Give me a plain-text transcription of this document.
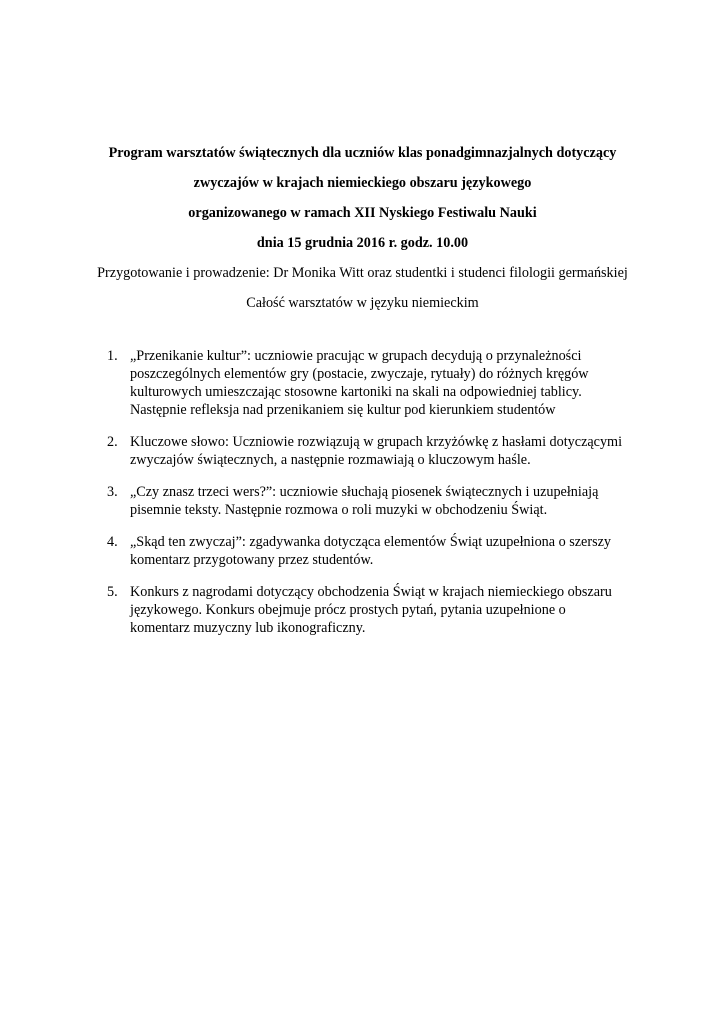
Program warsztatów świątecznych dla uczniów klas ponadgimnazjalnych dotyczący

zwyczajów w krajach niemieckiego obszaru językowego

organizowanego w ramach XII Nyskiego Festiwalu Nauki

dnia 15 grudnia 2016 r. godz. 10.00

Przygotowanie i prowadzenie: Dr Monika Witt oraz studentki i studenci filologii germańskiej

Całość warsztatów w języku niemieckim

1. „Przenikanie kultur”: uczniowie pracując w grupach decydują o przynależności
poszczególnych elementów gry (postacie, zwyczaje, rytuały) do różnych kręgów
kulturowych umieszczając stosowne kartoniki na skali na odpowiedniej tablicy.
Następnie refleksja nad przenikaniem się kultur pod kierunkiem studentów
2. Kluczowe słowo: Uczniowie rozwiązują w grupach krzyżówkę z hasłami dotyczącymi
zwyczajów świątecznych, a następnie rozmawiają o kluczowym haśle.
3. „Czy znasz trzeci wers?”: uczniowie słuchają piosenek świątecznych i uzupełniają
pisemnie teksty. Następnie rozmowa o roli muzyki w obchodzeniu Świąt.
4. „Skąd ten zwyczaj”: zgadywanka dotycząca elementów Świąt uzupełniona o szerszy
komentarz przygotowany przez studentów.
5. Konkurs z nagrodami dotyczący obchodzenia Świąt w krajach niemieckiego obszaru
językowego. Konkurs obejmuje prócz prostych pytań, pytania uzupełnione o
komentarz muzyczny lub ikonograficzny.
